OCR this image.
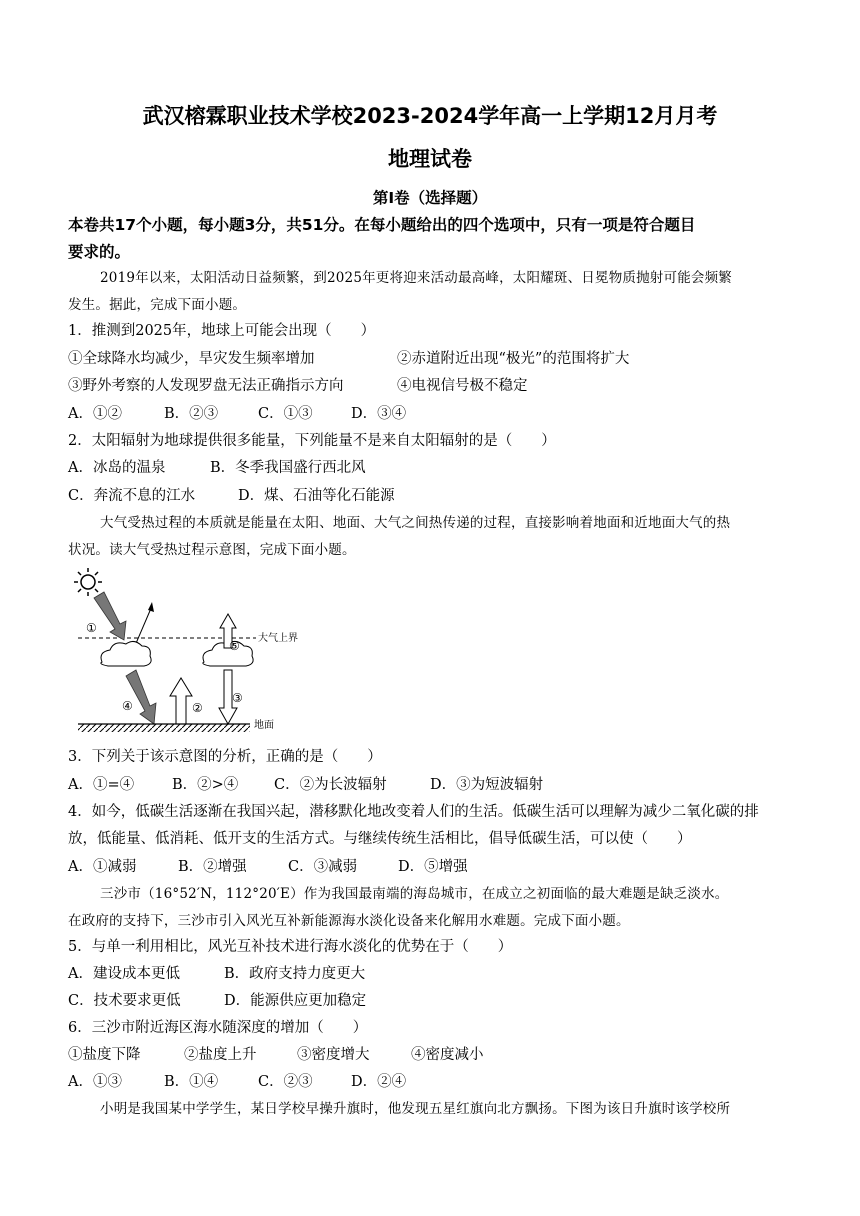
武汉榕霖职业技术学校2023-2024学年高一上学期12月月考
地理试卷
第Ⅰ卷（选择题）
本卷共17个小题，每小题3分，共51分。在每小题给出的四个选项中，只有一项是符合题目
要求的。
2019年以来，太阳活动日益频繁，到2025年更将迎来活动最高峰，太阳耀斑、日冕物质抛射可能会频繁
发生。据此，完成下面小题。
1．推测到2025年，地球上可能会出现（　　）
①全球降水均减少，旱灾发生频率增加	②赤道附近出现“极光”的范围将扩大
③野外考察的人发现罗盘无法正确指示方向	④电视信号极不稳定
A．①②	B．②③	C．①③	D．③④
2．太阳辐射为地球提供很多能量，下列能量不是来自太阳辐射的是（　　）
A．冰岛的温泉	B．冬季我国盛行西北风
C．奔流不息的江水	D．煤、石油等化石能源
大气受热过程的本质就是能量在太阳、地面、大气之间热传递的过程，直接影响着地面和近地面大气的热
状况。读大气受热过程示意图，完成下面小题。
大气上界
地面
①
②
③
④
⑤
3．下列关于该示意图的分析，正确的是（　　）
A．①=④	B．②>④ C．②为长波辐射	D．③为短波辐射
4．如今，低碳生活逐渐在我国兴起，潜移默化地改变着人们的生活。低碳生活可以理解为减少二氧化碳的排
放，低能量、低消耗、低开支的生活方式。与继续传统生活相比，倡导低碳生活，可以使（　　）
A．①减弱	B．②增强	C．③减弱	D．⑤增强
三沙市（16°52′N，112°20′E）作为我国最南端的海岛城市，在成立之初面临的最大难题是缺乏淡水。
在政府的支持下，三沙市引入风光互补新能源海水淡化设备来化解用水难题。完成下面小题。
5．与单一利用相比，风光互补技术进行海水淡化的优势在于（　　）
A．建设成本更低	B．政府支持力度更大
C．技术要求更低	D．能源供应更加稳定
6．三沙市附近海区海水随深度的增加（　　）
①盐度下降	②盐度上升	③密度增大	④密度减小
A．①③	B．①④	C．②③	D．②④
小明是我国某中学学生，某日学校早操升旗时，他发现五星红旗向北方飘扬。下图为该日升旗时该学校所
